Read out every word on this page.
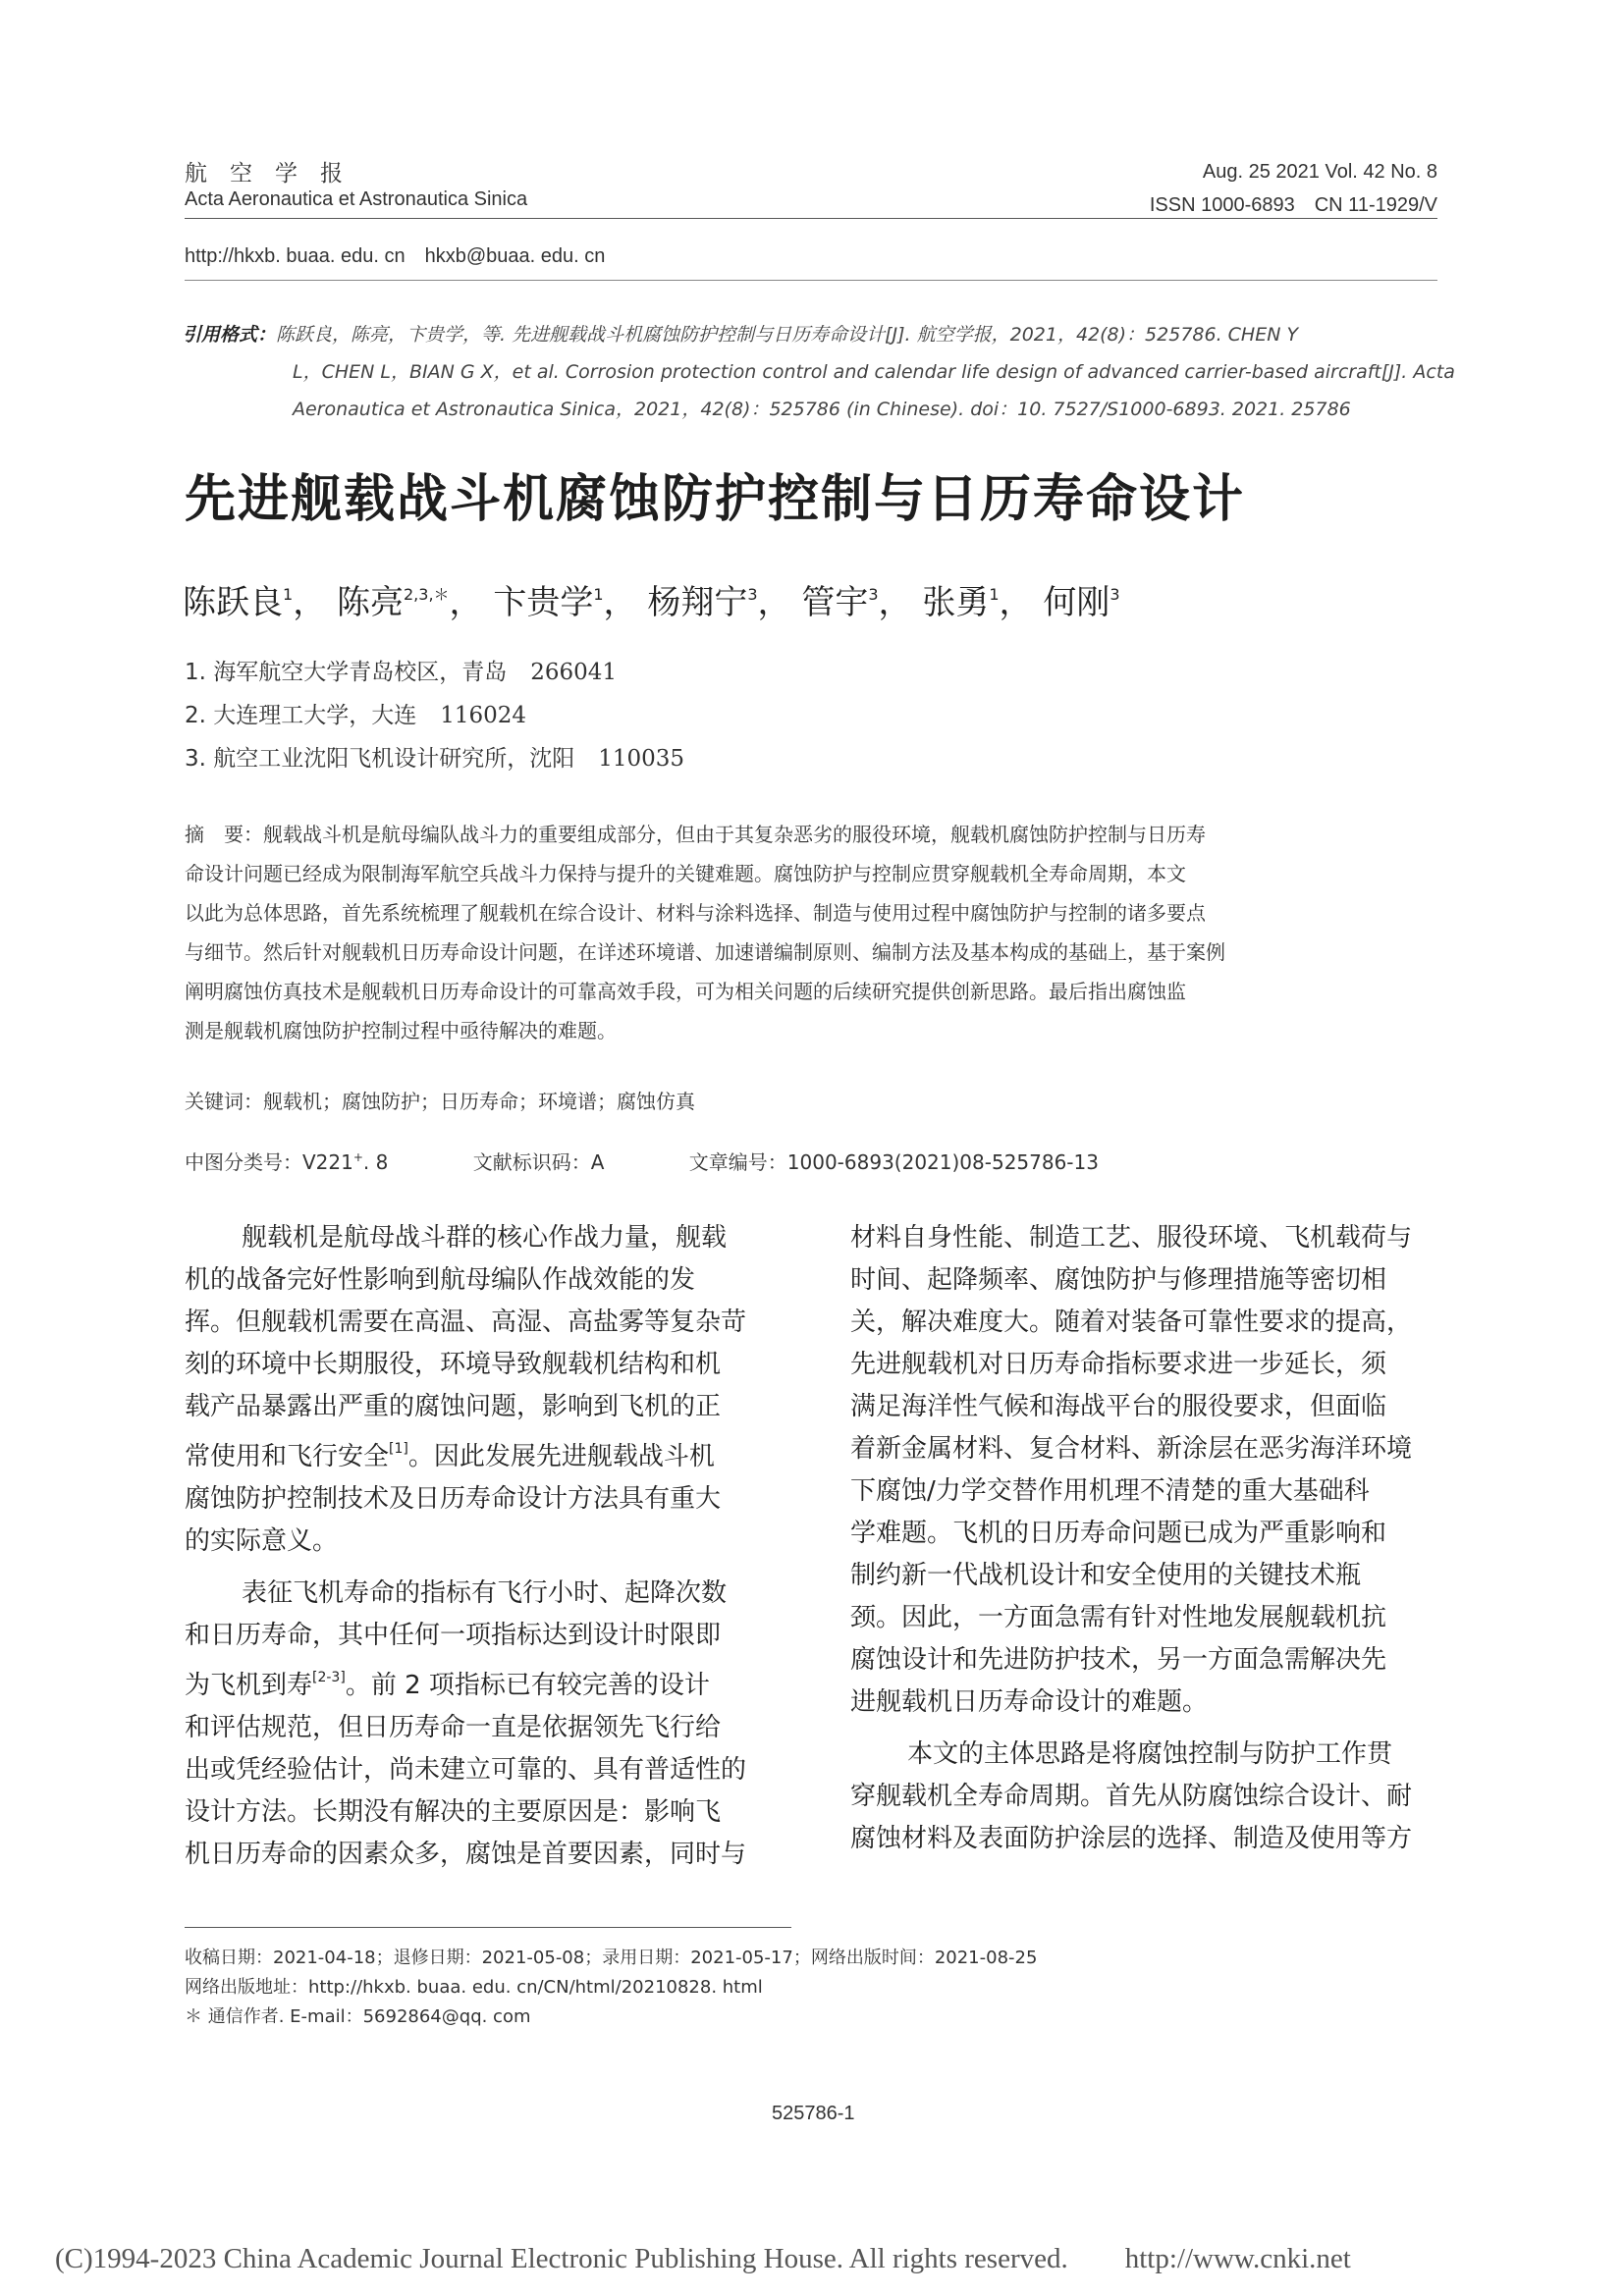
航　空　学　报
Acta Aeronautica et Astronautica Sinica
Aug. 25 2021 Vol. 42 No. 8
ISSN 1000-6893　CN 11-1929/V
http://hkxb. buaa. edu. cn　hkxb@buaa. edu. cn
引用格式：陈跃良，陈亮，卞贵学，等. 先进舰载战斗机腐蚀防护控制与日历寿命设计[J]. 航空学报，2021，42(8)：525786. CHEN Y
L，CHEN L，BIAN G X，et al. Corrosion protection control and calendar life design of advanced carrier-based aircraft[J]. Acta
Aeronautica et Astronautica Sinica，2021，42(8)：525786 (in Chinese). doi：10. 7527/S1000-6893. 2021. 25786
先进舰载战斗机腐蚀防护控制与日历寿命设计
陈跃良$^1$， 陈亮$^{2,3,*}$， 卞贵学$^1$， 杨翔宁$^3$， 管宇$^3$， 张勇$^1$， 何刚$^3$
1. 海军航空大学青岛校区，青岛 266041
2. 大连理工大学，大连 116024
3. 航空工业沈阳飞机设计研究所，沈阳 110035
摘　要：舰载战斗机是航母编队战斗力的重要组成部分，但由于其复杂恶劣的服役环境，舰载机腐蚀防护控制与日历寿
命设计问题已经成为限制海军航空兵战斗力保持与提升的关键难题。腐蚀防护与控制应贯穿舰载机全寿命周期，本文
以此为总体思路，首先系统梳理了舰载机在综合设计、材料与涂料选择、制造与使用过程中腐蚀防护与控制的诸多要点
与细节。然后针对舰载机日历寿命设计问题，在详述环境谱、加速谱编制原则、编制方法及基本构成的基础上，基于案例
阐明腐蚀仿真技术是舰载机日历寿命设计的可靠高效手段，可为相关问题的后续研究提供创新思路。最后指出腐蚀监
测是舰载机腐蚀防护控制过程中亟待解决的难题。
关键词：舰载机；腐蚀防护；日历寿命；环境谱；腐蚀仿真
中图分类号：V221+. 8	文献标识码：A	文章编号：1000-6893(2021)08-525786-13
舰载机是航母战斗群的核心作战力量，舰载
机的战备完好性影响到航母编队作战效能的发
挥。但舰载机需要在高温、高湿、高盐雾等复杂苛
刻的环境中长期服役，环境导致舰载机结构和机
载产品暴露出严重的腐蚀问题，影响到飞机的正
常使用和飞行安全[1]。因此发展先进舰载战斗机
腐蚀防护控制技术及日历寿命设计方法具有重大
的实际意义。
表征飞机寿命的指标有飞行小时、起降次数
和日历寿命，其中任何一项指标达到设计时限即
为飞机到寿[2-3]。前 2 项指标已有较完善的设计
和评估规范，但日历寿命一直是依据领先飞行给
出或凭经验估计，尚未建立可靠的、具有普适性的
设计方法。长期没有解决的主要原因是：影响飞
机日历寿命的因素众多，腐蚀是首要因素，同时与
材料自身性能、制造工艺、服役环境、飞机载荷与
时间、起降频率、腐蚀防护与修理措施等密切相
关，解决难度大。随着对装备可靠性要求的提高，
先进舰载机对日历寿命指标要求进一步延长，须
满足海洋性气候和海战平台的服役要求，但面临
着新金属材料、复合材料、新涂层在恶劣海洋环境
下腐蚀/力学交替作用机理不清楚的重大基础科
学难题。飞机的日历寿命问题已成为严重影响和
制约新一代战机设计和安全使用的关键技术瓶
颈。因此，一方面急需有针对性地发展舰载机抗
腐蚀设计和先进防护技术，另一方面急需解决先
进舰载机日历寿命设计的难题。
本文的主体思路是将腐蚀控制与防护工作贯
穿舰载机全寿命周期。首先从防腐蚀综合设计、耐
腐蚀材料及表面防护涂层的选择、制造及使用等方
收稿日期：2021-04-18；退修日期：2021-05-08；录用日期：2021-05-17；网络出版时间：2021-08-25
网络出版地址：http://hkxb. buaa. edu. cn/CN/html/20210828. html
＊ 通信作者. E-mail：5692864@qq. com
525786-1
(C)1994-2023 China Academic Journal Electronic Publishing House. All rights reserved.　　http://www.cnki.net
